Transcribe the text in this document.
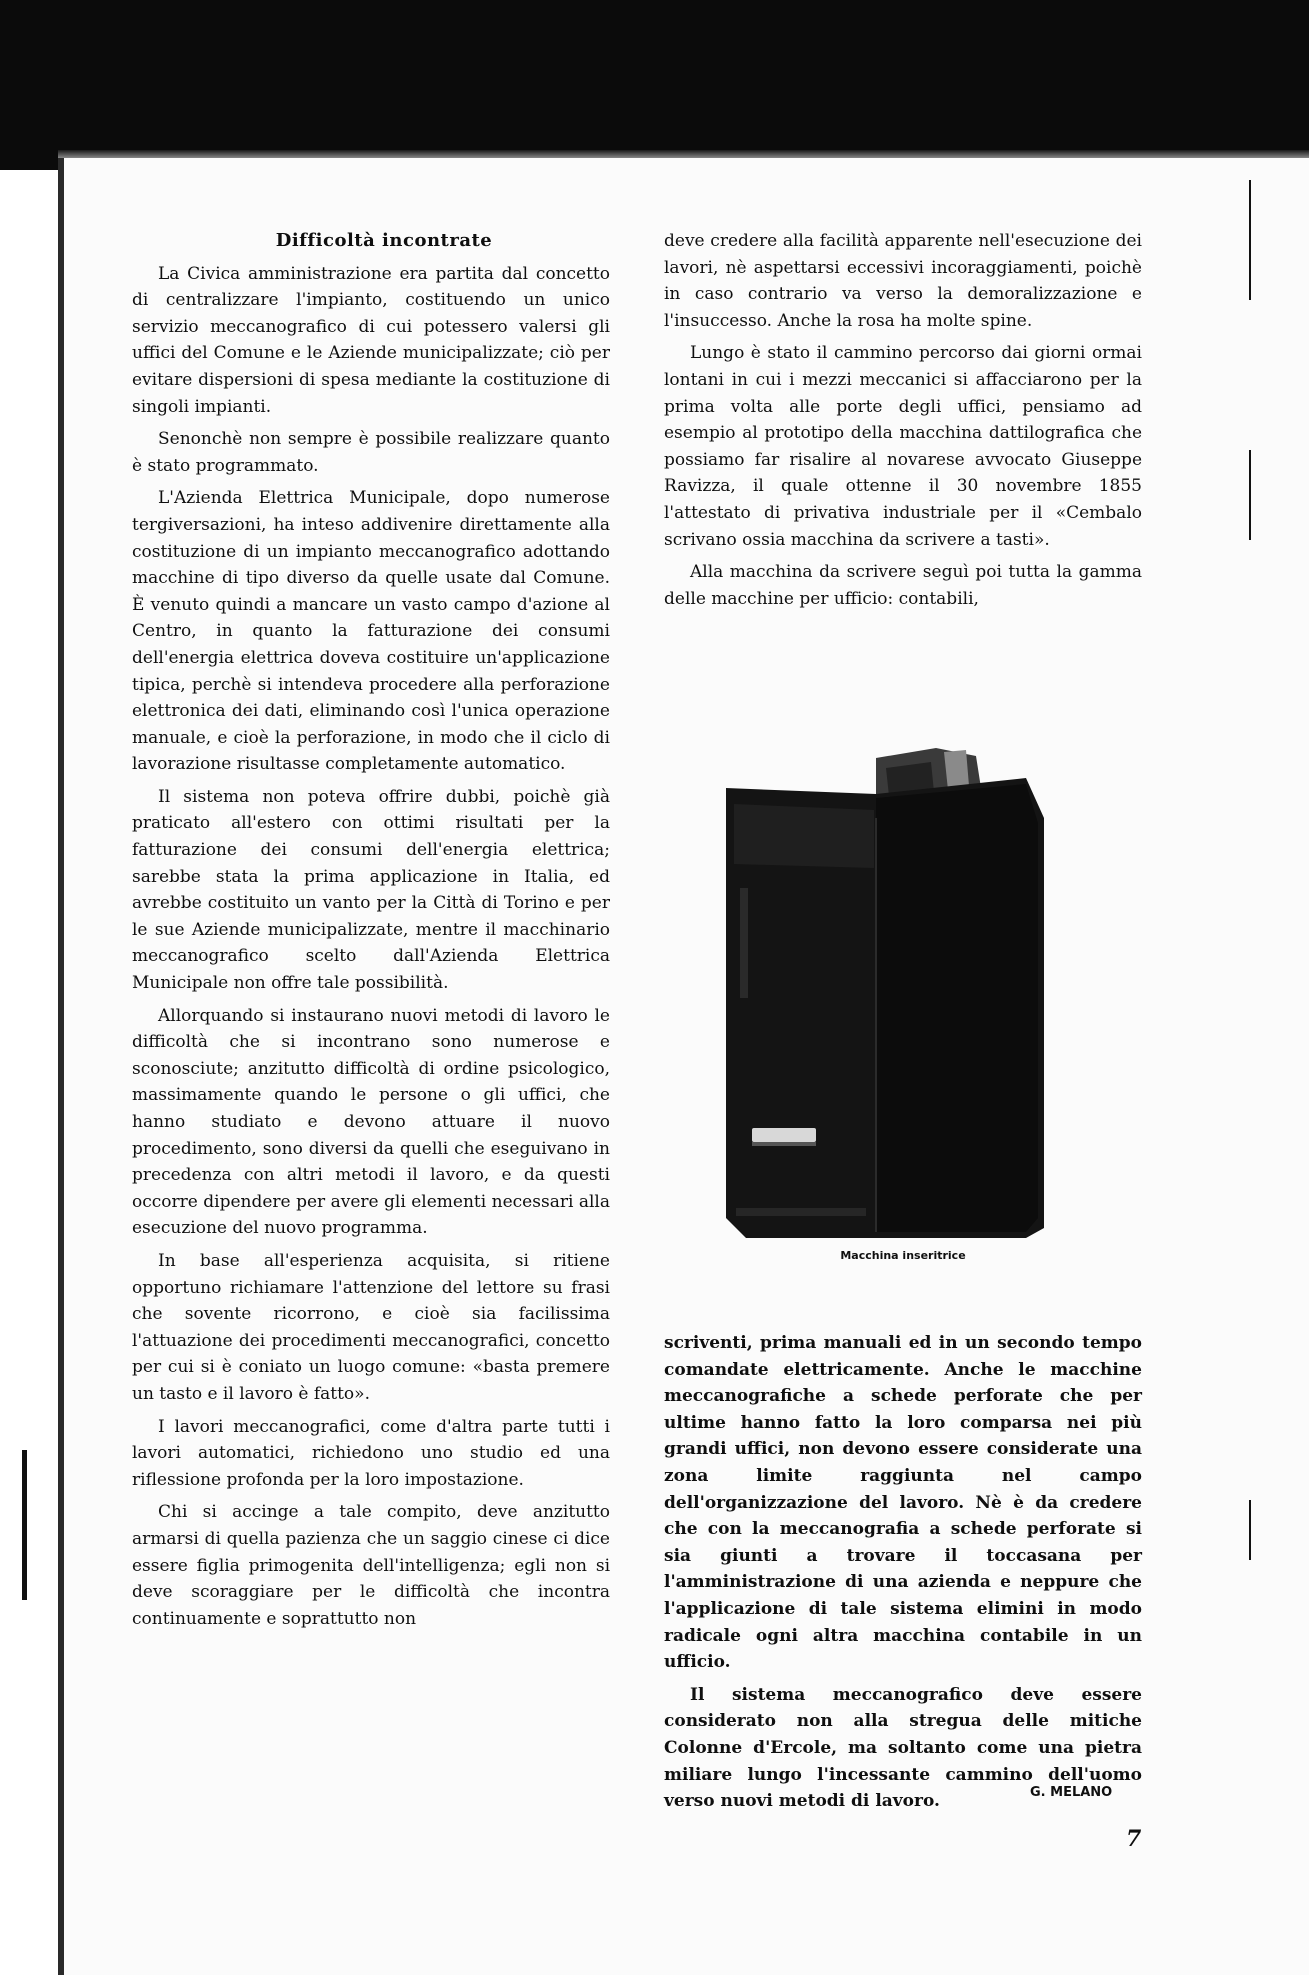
Difficoltà incontrate

La Civica amministrazione era partita dal concetto di centralizzare l'impianto, costituendo un unico servizio meccanografico di cui potessero valersi gli uffici del Comune e le Aziende municipalizzate; ciò per evitare dispersioni di spesa mediante la costituzione di singoli impianti.

Senonchè non sempre è possibile realizzare quanto è stato programmato.

L'Azienda Elettrica Municipale, dopo numerose tergiversazioni, ha inteso addivenire direttamente alla costituzione di un impianto meccanografico adottando macchine di tipo diverso da quelle usate dal Comune. È venuto quindi a mancare un vasto campo d'azione al Centro, in quanto la fatturazione dei consumi dell'energia elettrica doveva costituire un'applicazione tipica, perchè si intendeva procedere alla perforazione elettronica dei dati, eliminando così l'unica operazione manuale, e cioè la perforazione, in modo che il ciclo di lavorazione risultasse completamente automatico.

Il sistema non poteva offrire dubbi, poichè già praticato all'estero con ottimi risultati per la fatturazione dei consumi dell'energia elettrica; sarebbe stata la prima applicazione in Italia, ed avrebbe costituito un vanto per la Città di Torino e per le sue Aziende municipalizzate, mentre il macchinario meccanografico scelto dall'Azienda Elettrica Municipale non offre tale possibilità.

Allorquando si instaurano nuovi metodi di lavoro le difficoltà che si incontrano sono numerose e sconosciute; anzitutto difficoltà di ordine psicologico, massimamente quando le persone o gli uffici, che hanno studiato e devono attuare il nuovo procedimento, sono diversi da quelli che eseguivano in precedenza con altri metodi il lavoro, e da questi occorre dipendere per avere gli elementi necessari alla esecuzione del nuovo programma.

In base all'esperienza acquisita, si ritiene opportuno richiamare l'attenzione del lettore su frasi che sovente ricorrono, e cioè sia facilissima l'attuazione dei procedimenti meccanografici, concetto per cui si è coniato un luogo comune: «basta premere un tasto e il lavoro è fatto».

I lavori meccanografici, come d'altra parte tutti i lavori automatici, richiedono uno studio ed una riflessione profonda per la loro impostazione.

Chi si accinge a tale compito, deve anzitutto armarsi di quella pazienza che un saggio cinese ci dice essere figlia primogenita dell'intelligenza; egli non si deve scoraggiare per le difficoltà che incontra continuamente e soprattutto non

deve credere alla facilità apparente nell'esecuzione dei lavori, nè aspettarsi eccessivi incoraggiamenti, poichè in caso contrario va verso la demoralizzazione e l'insuccesso. Anche la rosa ha molte spine.

Lungo è stato il cammino percorso dai giorni ormai lontani in cui i mezzi meccanici si affacciarono per la prima volta alle porte degli uffici, pensiamo ad esempio al prototipo della macchina dattilografica che possiamo far risalire al novarese avvocato Giuseppe Ravizza, il quale ottenne il 30 novembre 1855 l'attestato di privativa industriale per il «Cembalo scrivano ossia macchina da scrivere a tasti».

Alla macchina da scrivere seguì poi tutta la gamma delle macchine per ufficio: contabili,

Macchina inseritrice

scriventi, prima manuali ed in un secondo tempo comandate elettricamente. Anche le macchine meccanografiche a schede perforate che per ultime hanno fatto la loro comparsa nei più grandi uffici, non devono essere considerate una zona limite raggiunta nel campo dell'organizzazione del lavoro. Nè è da credere che con la meccanografia a schede perforate si sia giunti a trovare il toccasana per l'amministrazione di una azienda e neppure che l'applicazione di tale sistema elimini in modo radicale ogni altra macchina contabile in un ufficio.

Il sistema meccanografico deve essere considerato non alla stregua delle mitiche Colonne d'Ercole, ma soltanto come una pietra miliare lungo l'incessante cammino dell'uomo verso nuovi metodi di lavoro.	G. MELANO
7
